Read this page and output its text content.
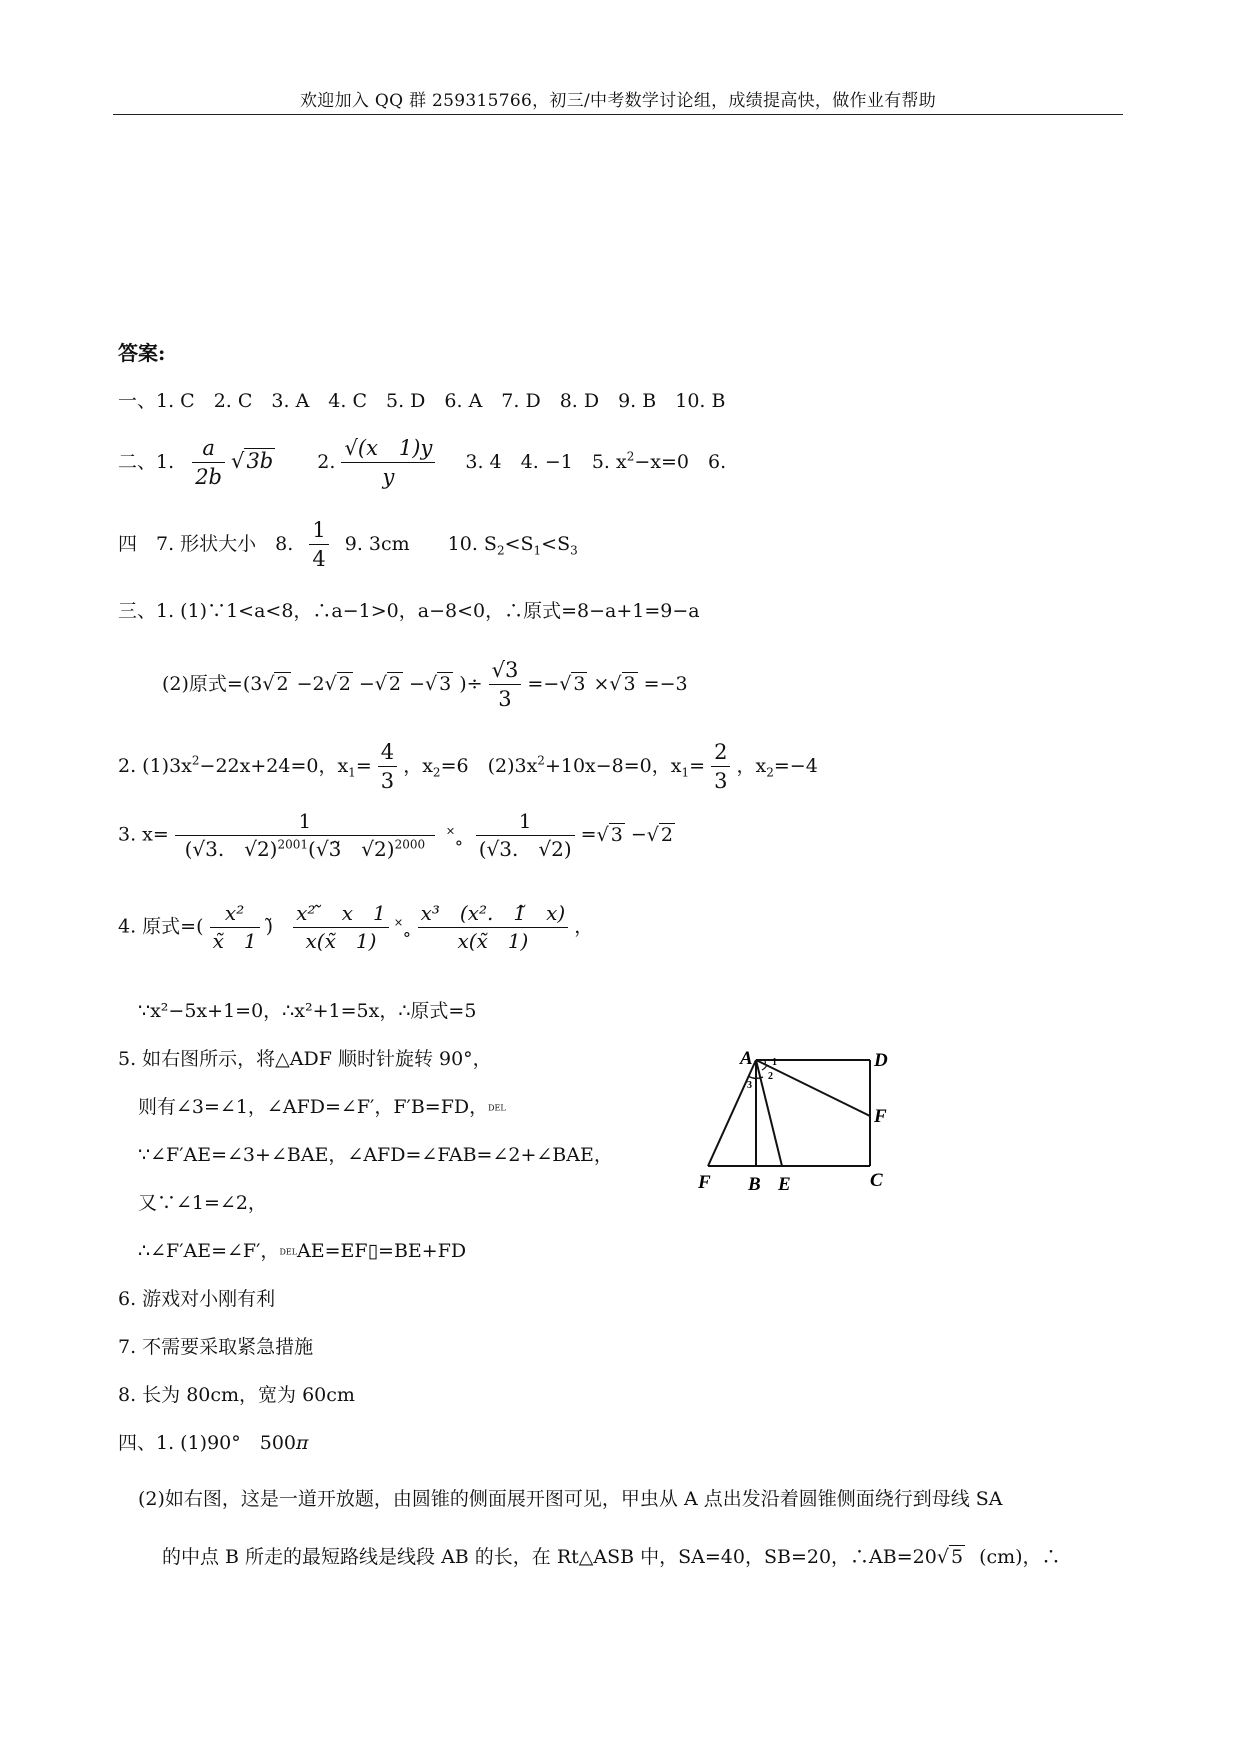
欢迎加入 QQ 群 259315766，初三/中考数学讨论组，成绩提高快，做作业有帮助
答案:
一、1. C　2. C　3. A　4. C　5. D　6. A　7. D　8. D　9. B　10. B
二、1. $\frac{a}{2b} √3b$ 2. $\frac{√(x 1)y}{y} 3$. 4　4. −1　5. $x^2-x=0$　6.
四　7. 形状大小　8. $\frac{1}{4} 9$. 3cm　　10. $S_2<S_1<S_3$
三、1. (1)∵1<a<8，∴a−1>0，a−8<0，∴原式=8−a+1=9−a
(2)原式=(3√ 2 −2√ 2 −√ 2 −√ 3 )÷ $\frac{√3}{3}$ =−√ 3 ×√ 3 =−3
2. $(1)3x^2-22x+24=0$，$x_1= \frac{4}{3}$ ，$x_2=6$　$(2)3x^2+10x-8=0$，$x_1= \frac{2}{3}$ ，$x_2=-4$
3. $x= \frac{1}{(√3. √2)^{2001}(√3̃ √2)^{2000}}$ ˟˳ $\frac{1}{(√3. √2)}$ =√ 3 −√ 2
4. 原式=( $\frac{\text{x²}}{x̃ 1}$ )̃ $\frac{\text{x² ̃　x　1}}{x(x̃ 1)}$ ˟˳ $\frac{\text{x³　(x².　1̃　x)}}{x(x̃ 1)}$ ，
∵x²−5x+1=0，∴x²+1=5x，∴原式=5
5. 如右图所示，将△ADF 顺时针旋转 90°，
则有∠3=∠1，∠AFD=∠F′，F′B=FD，DEL
∵∠F′AE=∠3+∠BAE，∠AFD=∠FAB=∠2+∠BAE，
又∵∠1=∠2，
∴∠F′AE=∠F′，DELAE=EF▯=BE+FD
A	D
F
C
F B E
1
2
3
6. 游戏对小刚有利
7. 不需要采取紧急措施
8. 长为 80cm，宽为 60cm
四、1. (1)90°　500π
(2)如右图，这是一道开放题，由圆锥的侧面展开图可见，甲虫从 A 点出发沿着圆锥侧面绕行到母线 SA
的中点 B 所走的最短路线是线段 AB 的长，在 Rt△ASB 中，SA=40，SB=20，∴AB=20√ 5 (cm)，∴
